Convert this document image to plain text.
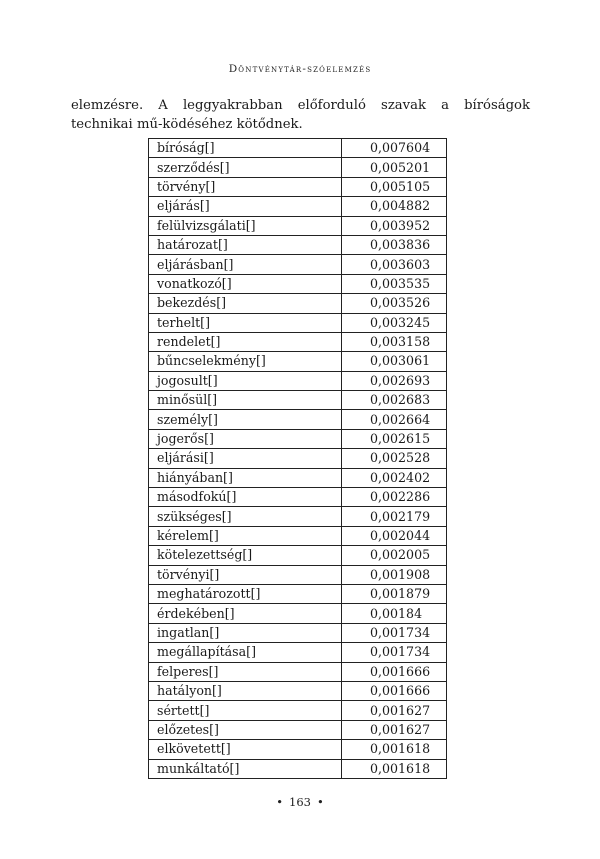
Döntvénytár-szóelemzés

elemzésre. A leggyakrabban előforduló szavak a bíróságok technikai mű-ködéséhez kötődnek.

bíróság[]	0,007604
szerződés[]	0,005201
törvény[]	0,005105
eljárás[]	0,004882
felülvizsgálati[]	0,003952
határozat[]	0,003836
eljárásban[]	0,003603
vonatkozó[]	0,003535
bekezdés[]	0,003526
terhelt[]	0,003245
rendelet[]	0,003158
bűncselekmény[]	0,003061
jogosult[]	0,002693
minősül[]	0,002683
személy[]	0,002664
jogerős[]	0,002615
eljárási[]	0,002528
hiányában[]	0,002402
másodfokú[]	0,002286
szükséges[]	0,002179
kérelem[]	0,002044
kötelezettség[]	0,002005
törvényi[]	0,001908
meghatározott[]	0,001879
érdekében[]	0,00184
ingatlan[]	0,001734
megállapítása[]	0,001734
felperes[]	0,001666
hatályon[]	0,001666
sértett[]	0,001627
előzetes[]	0,001627
elkövetett[]	0,001618
munkáltató[]	0,001618
• 163 •
